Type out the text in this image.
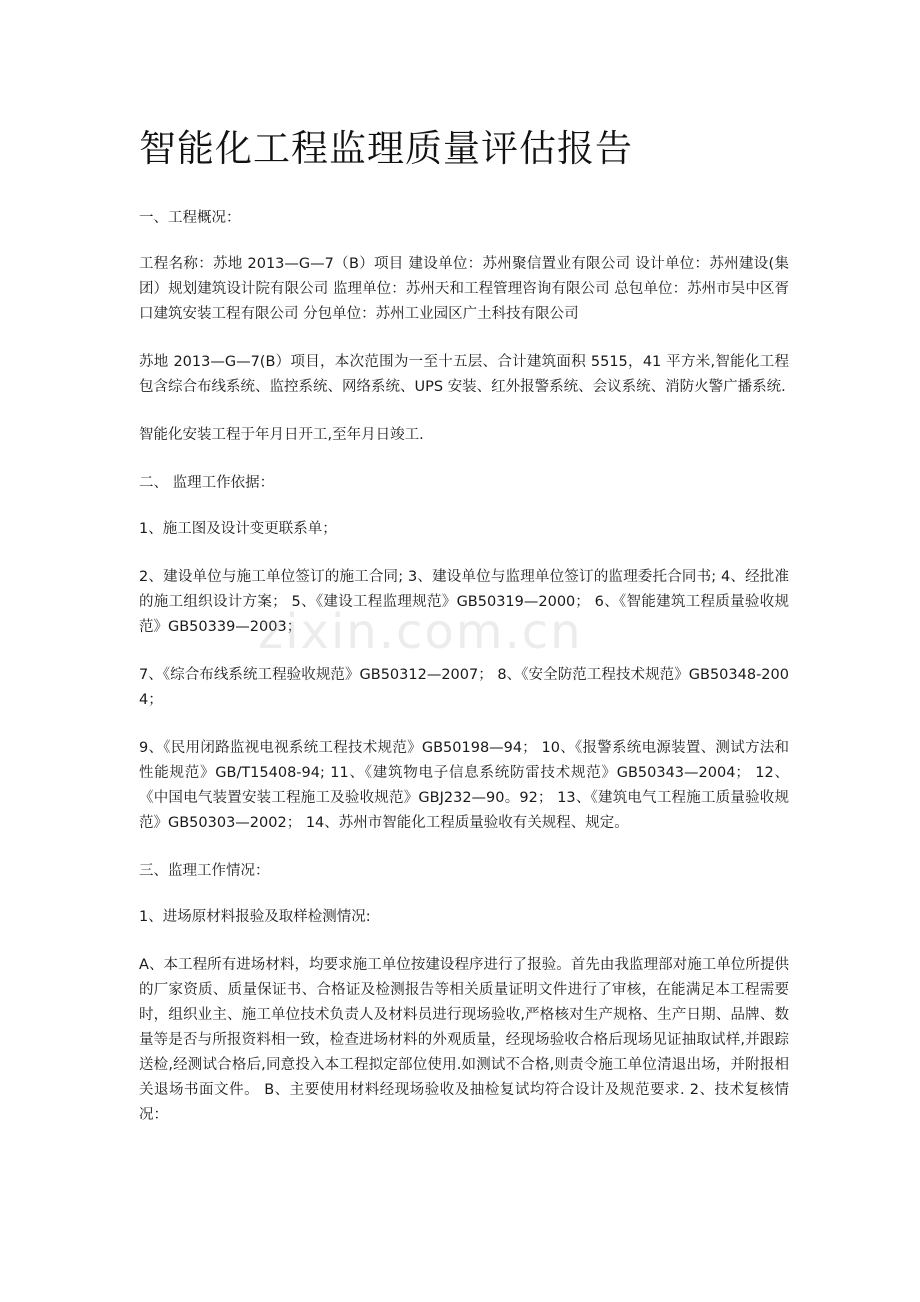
智能化工程监理质量评估报告

一、工程概况：

工程名称：苏地 2013—G—7（B）项目 建设单位：苏州聚信置业有限公司 设计单位：苏州建设(集团）规划建筑设计院有限公司 监理单位：苏州天和工程管理咨询有限公司 总包单位：苏州市吴中区胥口建筑安装工程有限公司 分包单位：苏州工业园区广土科技有限公司

苏地 2013—G—7(B）项目，本次范围为一至十五层、合计建筑面积 5515，41 平方米,智能化工程包含综合布线系统、监控系统、网络系统、UPS 安装、红外报警系统、会议系统、消防火警广播系统.

智能化安装工程于年月日开工,至年月日竣工.

二、 监理工作依据：

1、施工图及设计变更联系单；

2、建设单位与施工单位签订的施工合同; 3、建设单位与监理单位签订的监理委托合同书; 4、经批准的施工组织设计方案； 5、《建设工程监理规范》GB50319—2000； 6、《智能建筑工程质量验收规范》GB50339—2003；

7、《综合布线系统工程验收规范》GB50312—2007； 8、《安全防范工程技术规范》GB50348-2004；

9、《民用闭路监视电视系统工程技术规范》GB50198—94； 10、《报警系统电源装置、测试方法和性能规范》GB/T15408-94; 11、《建筑物电子信息系统防雷技术规范》GB50343—2004； 12、《中国电气装置安装工程施工及验收规范》GBJ232—90。92； 13、《建筑电气工程施工质量验收规范》GB50303—2002； 14、苏州市智能化工程质量验收有关规程、规定。

三、监理工作情况：

1、进场原材料报验及取样检测情况:

A、本工程所有进场材料，均要求施工单位按建设程序进行了报验。首先由我监理部对施工单位所提供的厂家资质、质量保证书、合格证及检测报告等相关质量证明文件进行了审核，在能满足本工程需要时，组织业主、施工单位技术负责人及材料员进行现场验收,严格核对生产规格、生产日期、品牌、数量等是否与所报资料相一致，检查进场材料的外观质量，经现场验收合格后现场见证抽取试样,并跟踪送检,经测试合格后,同意投入本工程拟定部位使用.如测试不合格,则责令施工单位清退出场，并附报相关退场书面文件。 B、主要使用材料经现场验收及抽检复试均符合设计及规范要求. 2、技术复核情况：

zixin.com.cn
